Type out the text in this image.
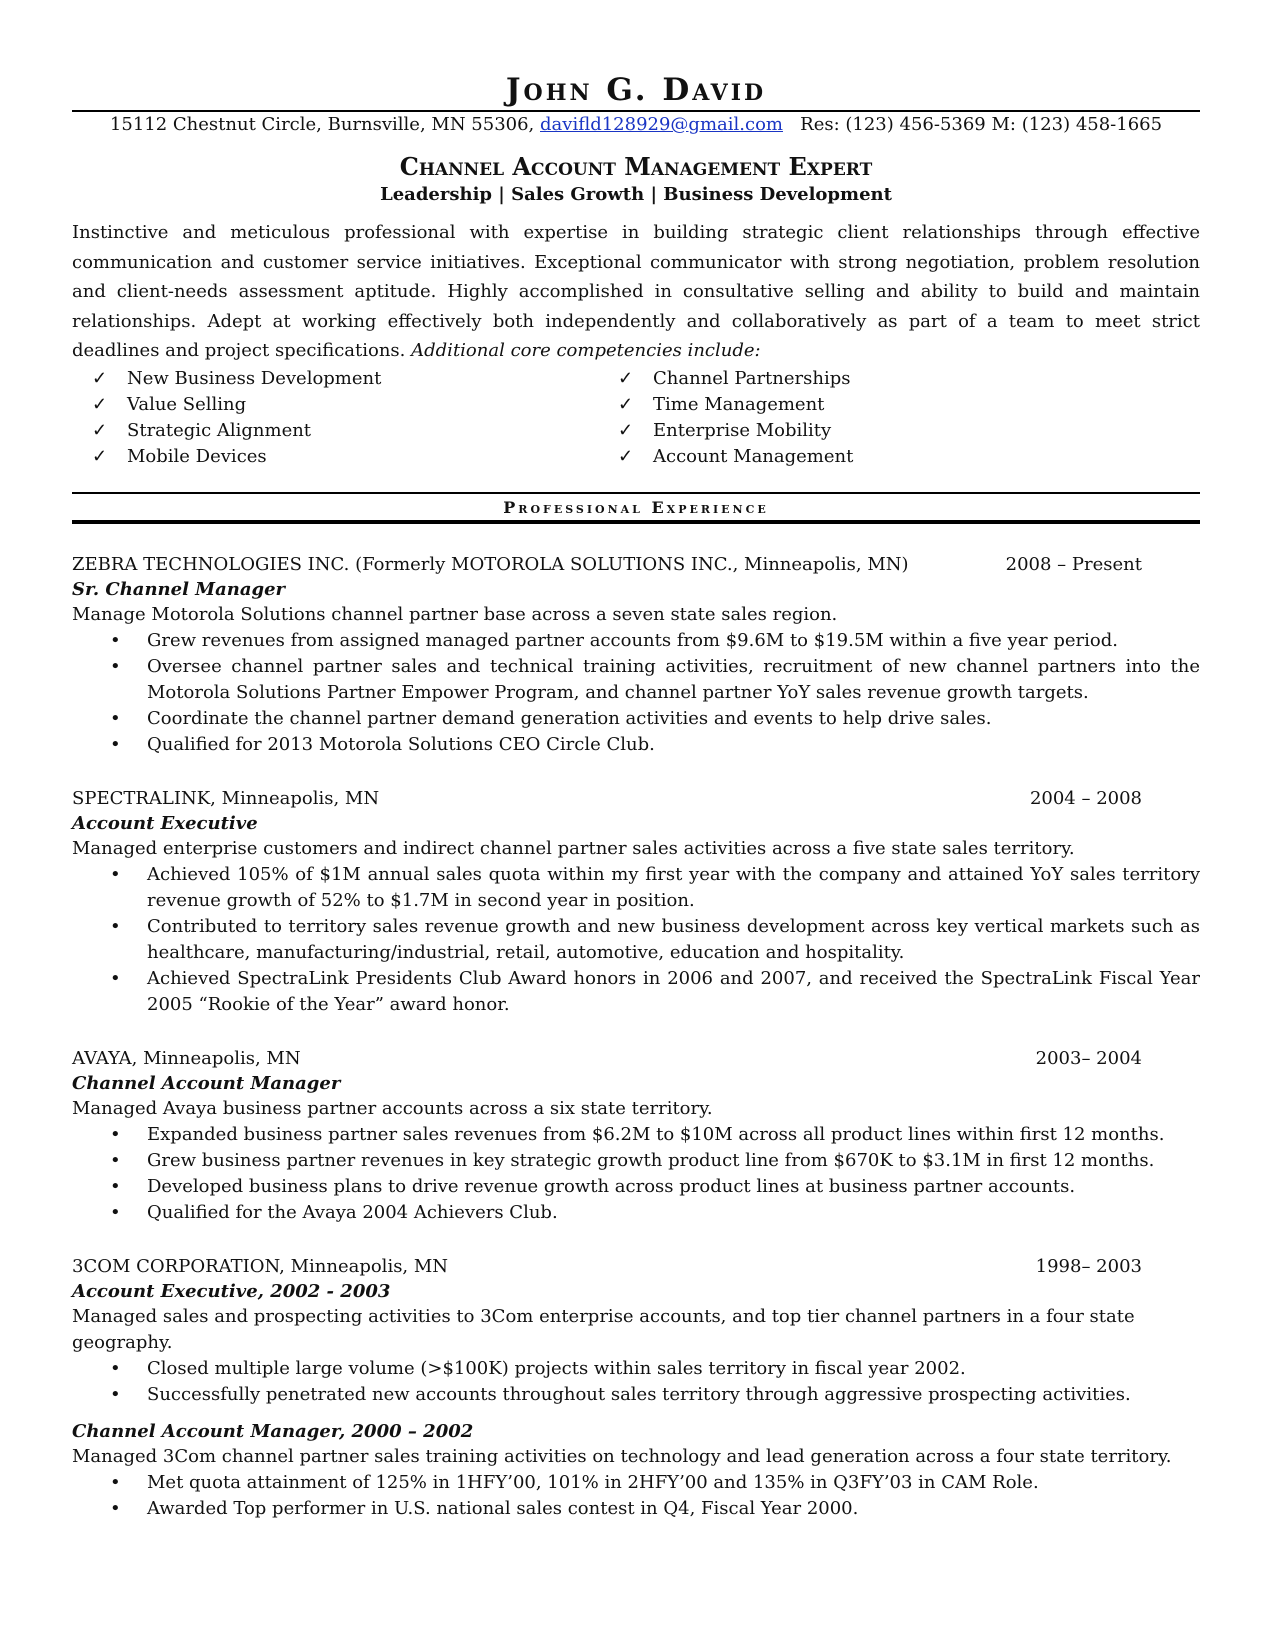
John G. David
15112 Chestnut Circle, Burnsville, MN 55306, davifld128929@gmail.com Res: (123) 456-5369 M: (123) 458-1665
Channel Account Management Expert
Leadership | Sales Growth | Business Development
Instinctive and meticulous professional with expertise in building strategic client relationships through effective communication and customer service initiatives. Exceptional communicator with strong negotiation, problem resolution and client-needs assessment aptitude. Highly accomplished in consultative selling and ability to build and maintain relationships. Adept at working effectively both independently and collaboratively as part of a team to meet strict deadlines and project specifications. Additional core competencies include:
✓	New Business Development	✓	Channel Partnerships
✓	Value Selling	✓	Time Management
✓	Strategic Alignment	✓	Enterprise Mobility
✓	Mobile Devices	✓	Account Management
Professional Experience
ZEBRA TECHNOLOGIES INC. (Formerly MOTOROLA SOLUTIONS INC., Minneapolis, MN)	2008 – Present
Sr. Channel Manager
Manage Motorola Solutions channel partner base across a seven state sales region.
• Grew revenues from assigned managed partner accounts from $9.6M to $19.5M within a five year period.
• Oversee channel partner sales and technical training activities, recruitment of new channel partners into the Motorola Solutions Partner Empower Program, and channel partner YoY sales revenue growth targets.
• Coordinate the channel partner demand generation activities and events to help drive sales.
• Qualified for 2013 Motorola Solutions CEO Circle Club.
SPECTRALINK, Minneapolis, MN	2004 – 2008
Account Executive
Managed enterprise customers and indirect channel partner sales activities across a five state sales territory.
• Achieved 105% of $1M annual sales quota within my first year with the company and attained YoY sales territory revenue growth of 52% to $1.7M in second year in position.
• Contributed to territory sales revenue growth and new business development across key vertical markets such as healthcare, manufacturing/industrial, retail, automotive, education and hospitality.
• Achieved SpectraLink Presidents Club Award honors in 2006 and 2007, and received the SpectraLink Fiscal Year 2005 “Rookie of the Year” award honor.
AVAYA, Minneapolis, MN	2003– 2004
Channel Account Manager
Managed Avaya business partner accounts across a six state territory.
• Expanded business partner sales revenues from $6.2M to $10M across all product lines within first 12 months.
• Grew business partner revenues in key strategic growth product line from $670K to $3.1M in first 12 months.
• Developed business plans to drive revenue growth across product lines at business partner accounts.
• Qualified for the Avaya 2004 Achievers Club.
3COM CORPORATION, Minneapolis, MN	1998– 2003
Account Executive, 2002 - 2003
Managed sales and prospecting activities to 3Com enterprise accounts, and top tier channel partners in a four state geography.
• Closed multiple large volume (>$100K) projects within sales territory in fiscal year 2002.
• Successfully penetrated new accounts throughout sales territory through aggressive prospecting activities.
Channel Account Manager, 2000 – 2002
Managed 3Com channel partner sales training activities on technology and lead generation across a four state territory.
• Met quota attainment of 125% in 1HFY’00, 101% in 2HFY’00 and 135% in Q3FY’03 in CAM Role.
• Awarded Top performer in U.S. national sales contest in Q4, Fiscal Year 2000.
